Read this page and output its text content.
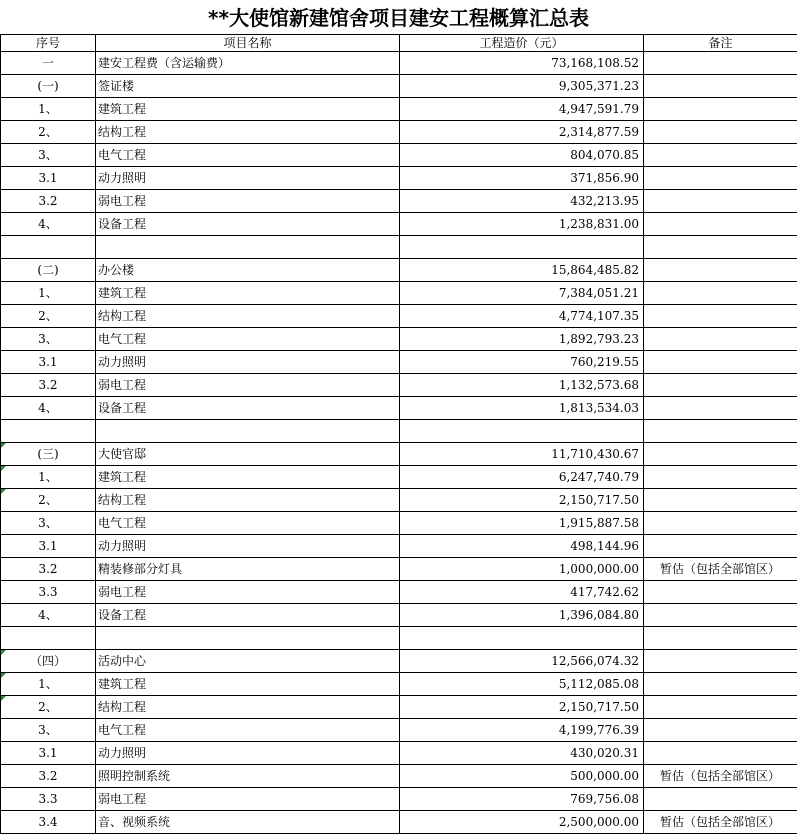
**大使馆新建馆舍项目建安工程概算汇总表
序号	项目名称	工程造价（元）	备注
一	建安工程费（含运输费）	73,168,108.52	
(一)	签证楼	9,305,371.23	
1、	建筑工程	4,947,591.79	
2、	结构工程	2,314,877.59	
3、	电气工程	804,070.85	
3.1	动力照明	371,856.90	
3.2	弱电工程	432,213.95	
4、	设备工程	1,238,831.00	

(二)	办公楼	15,864,485.82	
1、	建筑工程	7,384,051.21	
2、	结构工程	4,774,107.35	
3、	电气工程	1,892,793.23	
3.1	动力照明	760,219.55	
3.2	弱电工程	1,132,573.68	
4、	设备工程	1,813,534.03	

(三)	大使官邸	11,710,430.67	
1、	建筑工程	6,247,740.79	
2、	结构工程	2,150,717.50	
3、	电气工程	1,915,887.58	
3.1	动力照明	498,144.96	
3.2	精装修部分灯具	1,000,000.00	暂估（包括全部馆区）
3.3	弱电工程	417,742.62	
4、	设备工程	1,396,084.80	

（四）	活动中心	12,566,074.32	
1、	建筑工程	5,112,085.08	
2、	结构工程	2,150,717.50	
3、	电气工程	4,199,776.39	
3.1	动力照明	430,020.31	
3.2	照明控制系统	500,000.00	暂估（包括全部馆区）
3.3	弱电工程	769,756.08	
3.4	音、视频系统	2,500,000.00	暂估（包括全部馆区）
